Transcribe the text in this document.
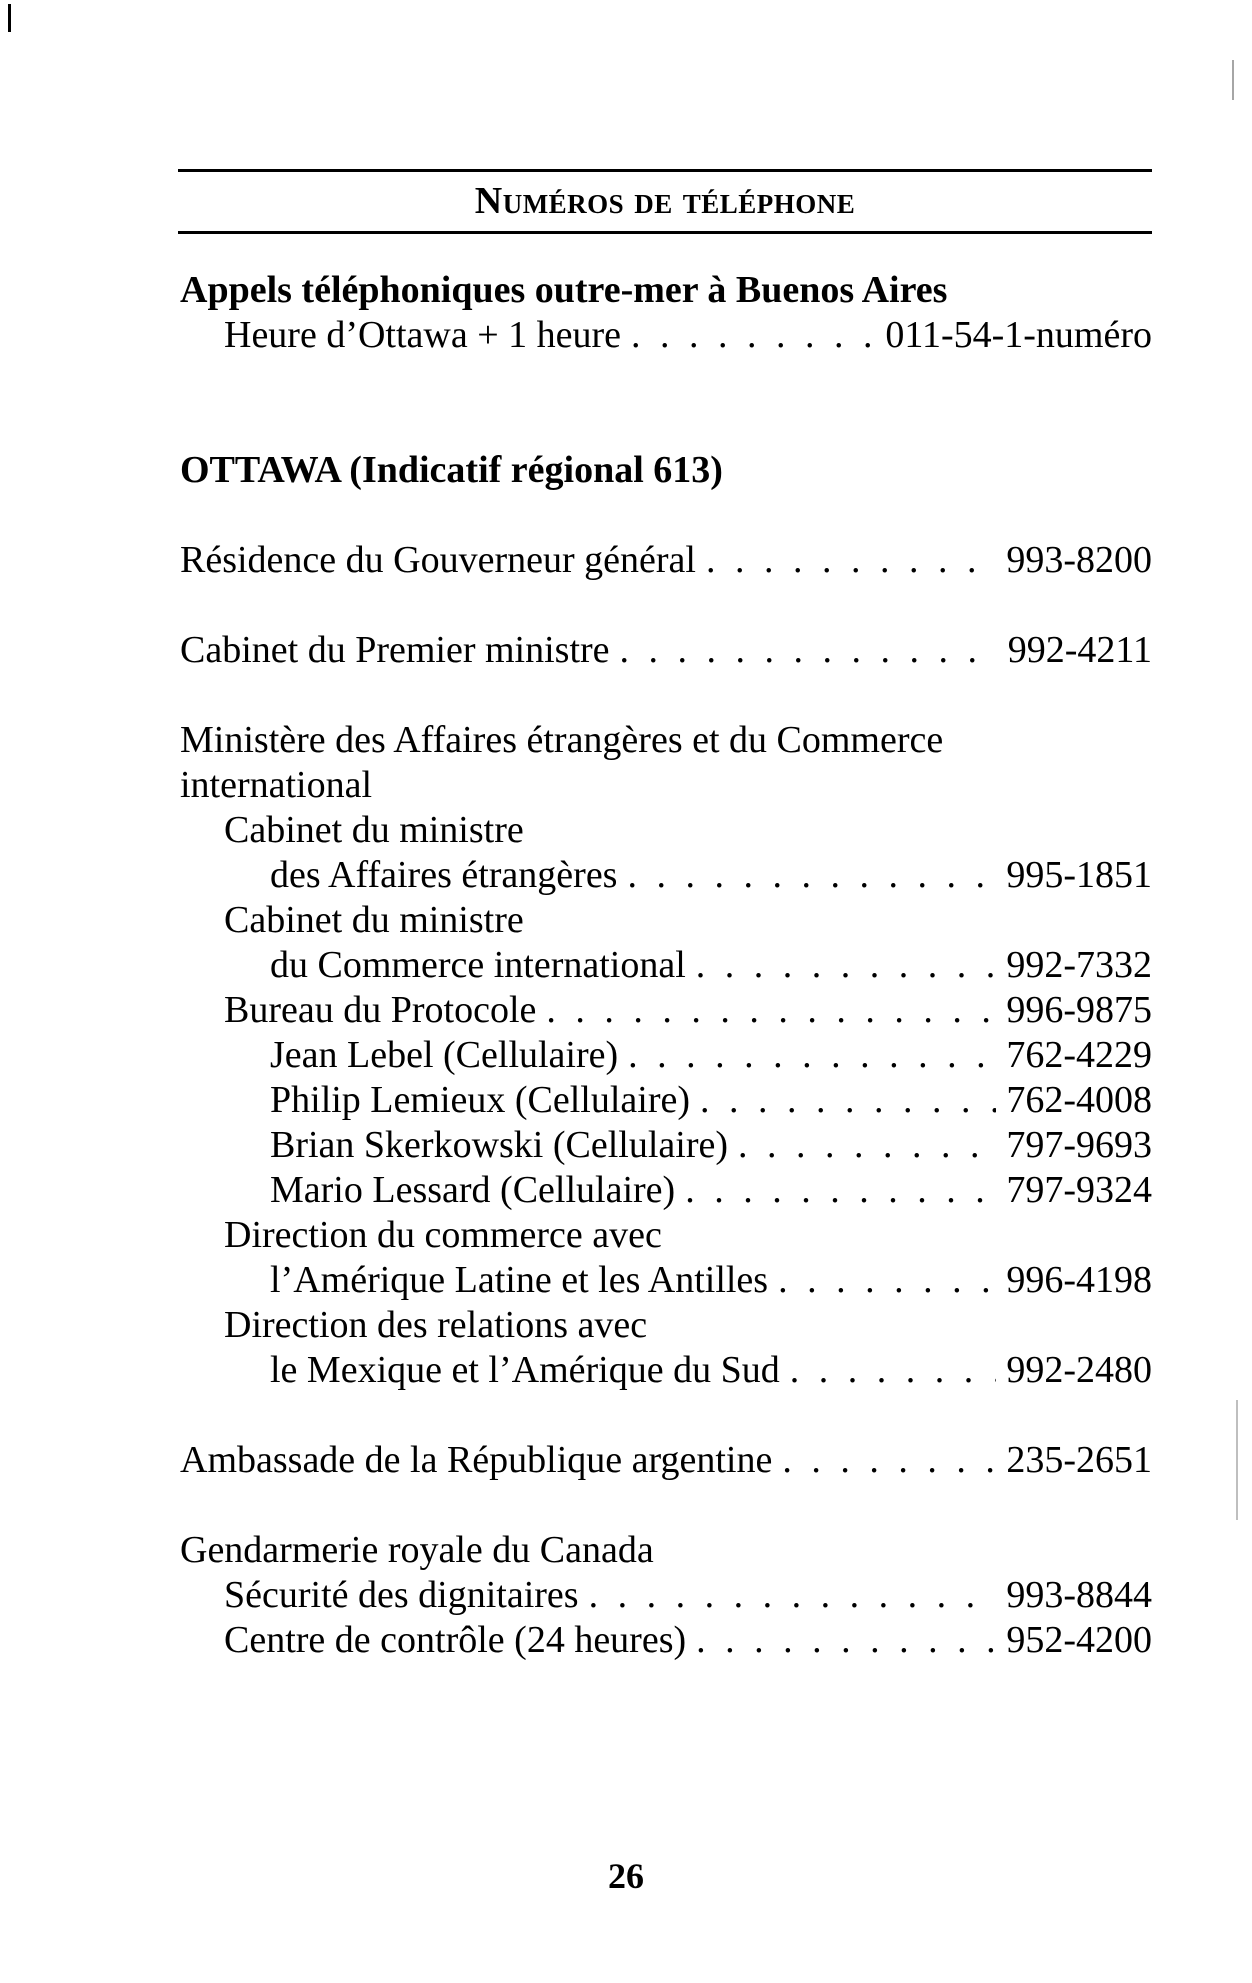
Numéros de téléphone
Appels téléphoniques outre-mer à Buenos Aires
Heure d’Ottawa + 1 heure . . .	011-54-1-numéro
OTTAWA (Indicatif régional 613)
Résidence du Gouverneur général . . .	993-8200
Cabinet du Premier ministre . . .	992-4211
Ministère des Affaires étrangères et du Commerce
international
Cabinet du ministre
des Affaires étrangères . . .	995-1851
Cabinet du ministre
du Commerce international . . .	992-7332
Bureau du Protocole . . .	996-9875
Jean Lebel (Cellulaire) . . .	762-4229
Philip Lemieux (Cellulaire) . . .	762-4008
Brian Skerkowski (Cellulaire) . . .	797-9693
Mario Lessard (Cellulaire) . . .	797-9324
Direction du commerce avec
l’Amérique Latine et les Antilles . . .	996-4198
Direction des relations avec
le Mexique et l’Amérique du Sud . . .	992-2480
Ambassade de la République argentine . . .	235-2651
Gendarmerie royale du Canada
Sécurité des dignitaires . . .	993-8844
Centre de contrôle (24 heures) . . .	952-4200
26
